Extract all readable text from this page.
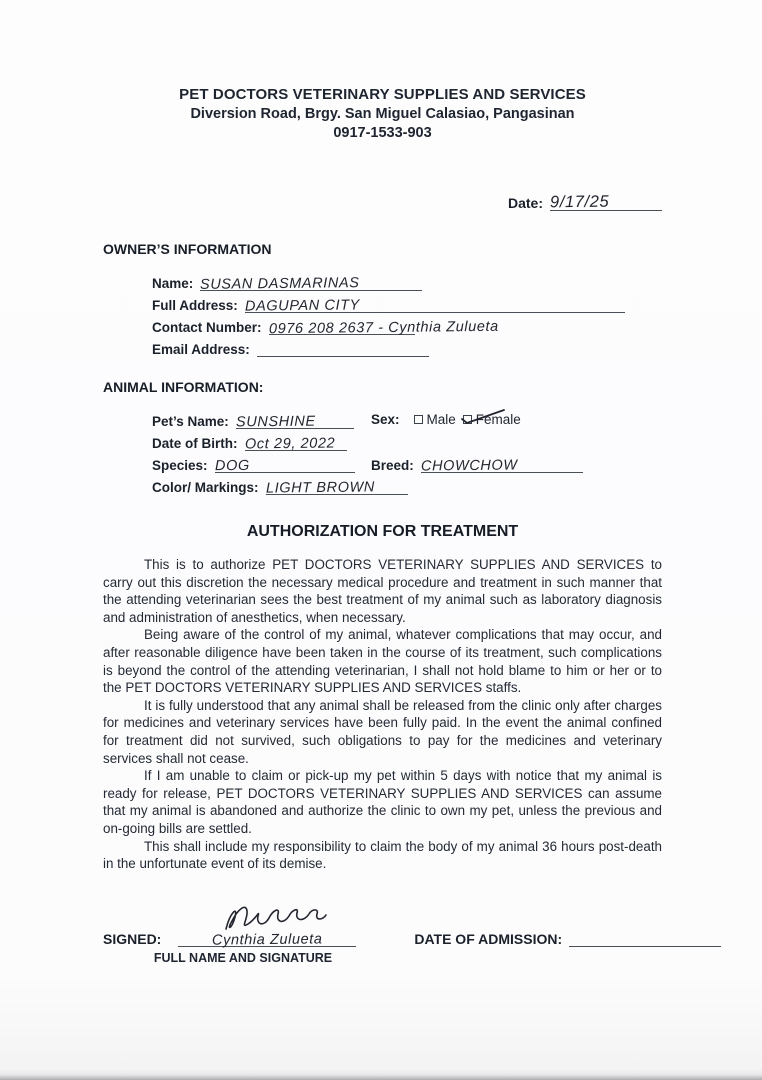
PET DOCTORS VETERINARY SUPPLIES AND SERVICES
Diversion Road, Brgy. San Miguel Calasiao, Pangasinan
0917-1533-903
Date: 9/17/25
OWNER’S INFORMATION
Name: SUSAN DASMARINAS
Full Address: DAGUPAN CITY
Contact Number: 0976 208 2637 - Cynthia Zulueta
Email Address:
ANIMAL INFORMATION:
Pet’s Name: SUNSHINE
Date of Birth: Oct 29, 2022
Species: DOG
Color/ Markings: LIGHT BROWN
Sex:	Male Female
Breed: CHOWCHOW
AUTHORIZATION FOR TREATMENT

This is to authorize PET DOCTORS VETERINARY SUPPLIES AND SERVICES to carry out this discretion the necessary medical procedure and treatment in such manner that the attending veterinarian sees the best treatment of my animal such as laboratory diagnosis and administration of anesthetics, when necessary.

Being aware of the control of my animal, whatever complications that may occur, and after reasonable diligence have been taken in the course of its treatment, such complications is beyond the control of the attending veterinarian, I shall not hold blame to him or her or to the PET DOCTORS VETERINARY SUPPLIES AND SERVICES staffs.

It is fully understood that any animal shall be released from the clinic only after charges for medicines and veterinary services have been fully paid. In the event the animal confined for treatment did not survived, such obligations to pay for the medicines and veterinary services shall not cease.

If I am unable to claim or pick-up my pet within 5 days with notice that my animal is ready for release, PET DOCTORS VETERINARY SUPPLIES AND SERVICES can assume that my animal is abandoned and authorize the clinic to own my pet, unless the previous and on-going bills are settled.

This shall include my responsibility to claim the body of my animal 36 hours post-death in the unfortunate event of its demise.

SIGNED:	Cynthia Zulueta	DATE OF ADMISSION:
FULL NAME AND SIGNATURE
